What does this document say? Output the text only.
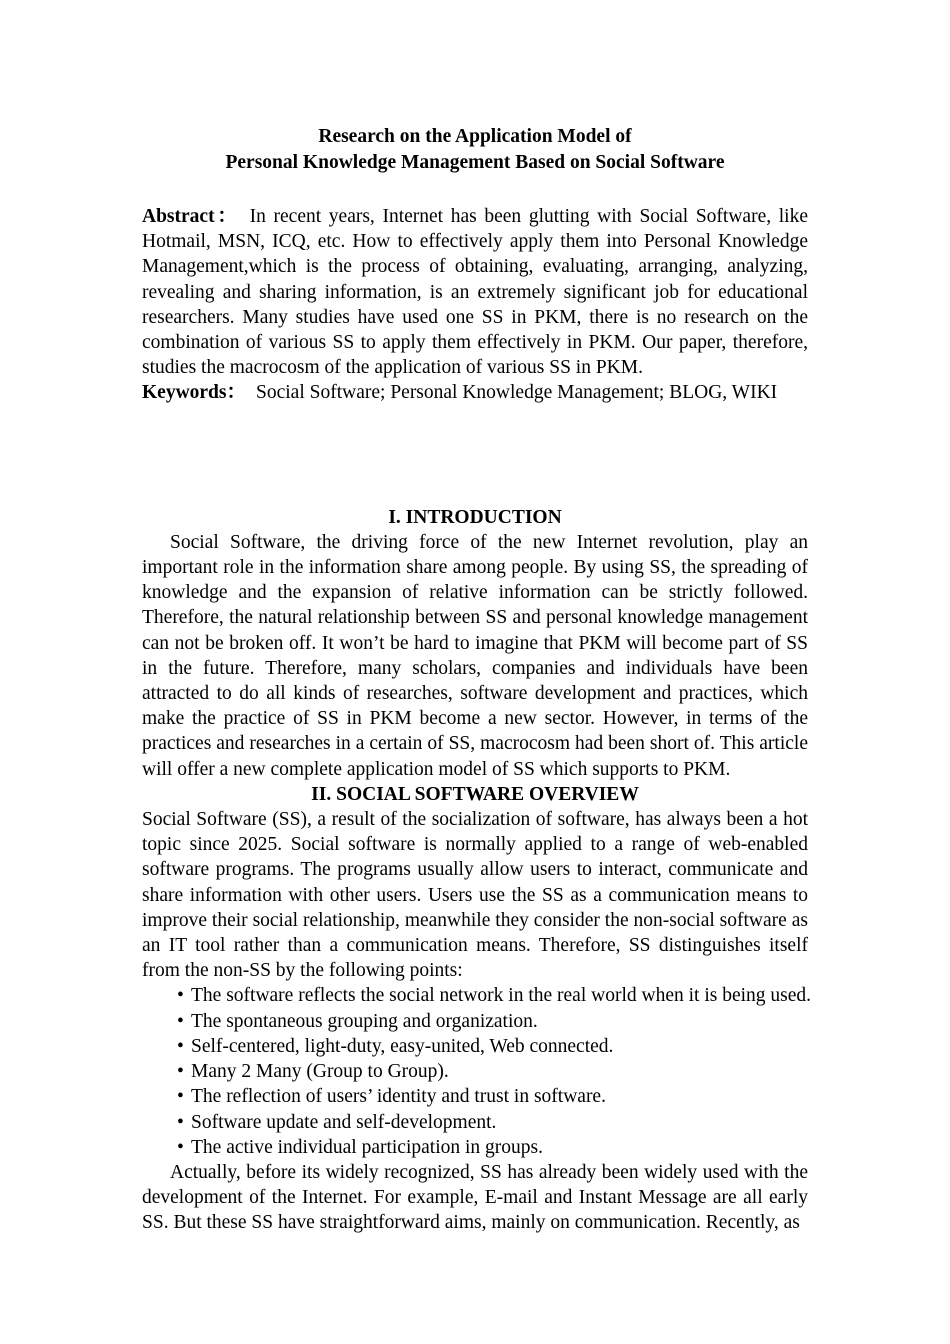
Research on the Application Model of
Personal Knowledge Management Based on Social Software
Abstract： In recent years, Internet has been glutting with Social Software, like Hotmail, MSN, ICQ, etc. How to effectively apply them into Personal Knowledge Management,which is the process of obtaining, evaluating, arranging, analyzing, revealing and sharing information, is an extremely significant job for educational researchers. Many studies have used one SS in PKM, there is no research on the combination of various SS to apply them effectively in PKM. Our paper, therefore, studies the macrocosm of the application of various SS in PKM.
Keywords： Social Software; Personal Knowledge Management; BLOG, WIKI
I. INTRODUCTION

Social Software, the driving force of the new Internet revolution, play an important role in the information share among people. By using SS, the spreading of knowledge and the expansion of relative information can be strictly followed. Therefore, the natural relationship between SS and personal knowledge management can not be broken off. It won’t be hard to imagine that PKM will become part of SS in the future. Therefore, many scholars, companies and individuals have been attracted to do all kinds of researches, software development and practices, which make the practice of SS in PKM become a new sector. However, in terms of the practices and researches in a certain of SS, macrocosm had been short of. This article will offer a new complete application model of SS which supports to PKM.

II. SOCIAL SOFTWARE OVERVIEW

Social Software (SS), a result of the socialization of software, has always been a hot topic since 2025. Social software is normally applied to a range of web-enabled software programs. The programs usually allow users to interact, communicate and share information with other users. Users use the SS as a communication means to improve their social relationship, meanwhile they consider the non-social software as an IT tool rather than a communication means. Therefore, SS distinguishes itself from the non-SS by the following points:

• The software reflects the social network in the real world when it is being used.
• The spontaneous grouping and organization.
• Self-centered, light-duty, easy-united, Web connected.
• Many 2 Many (Group to Group).
• The reflection of users’ identity and trust in software.
• Software update and self-development.
• The active individual participation in groups.

Actually, before its widely recognized, SS has already been widely used with the development of the Internet. For example, E-mail and Instant Message are all early SS. But these SS have straightforward aims, mainly on communication. Recently, as
